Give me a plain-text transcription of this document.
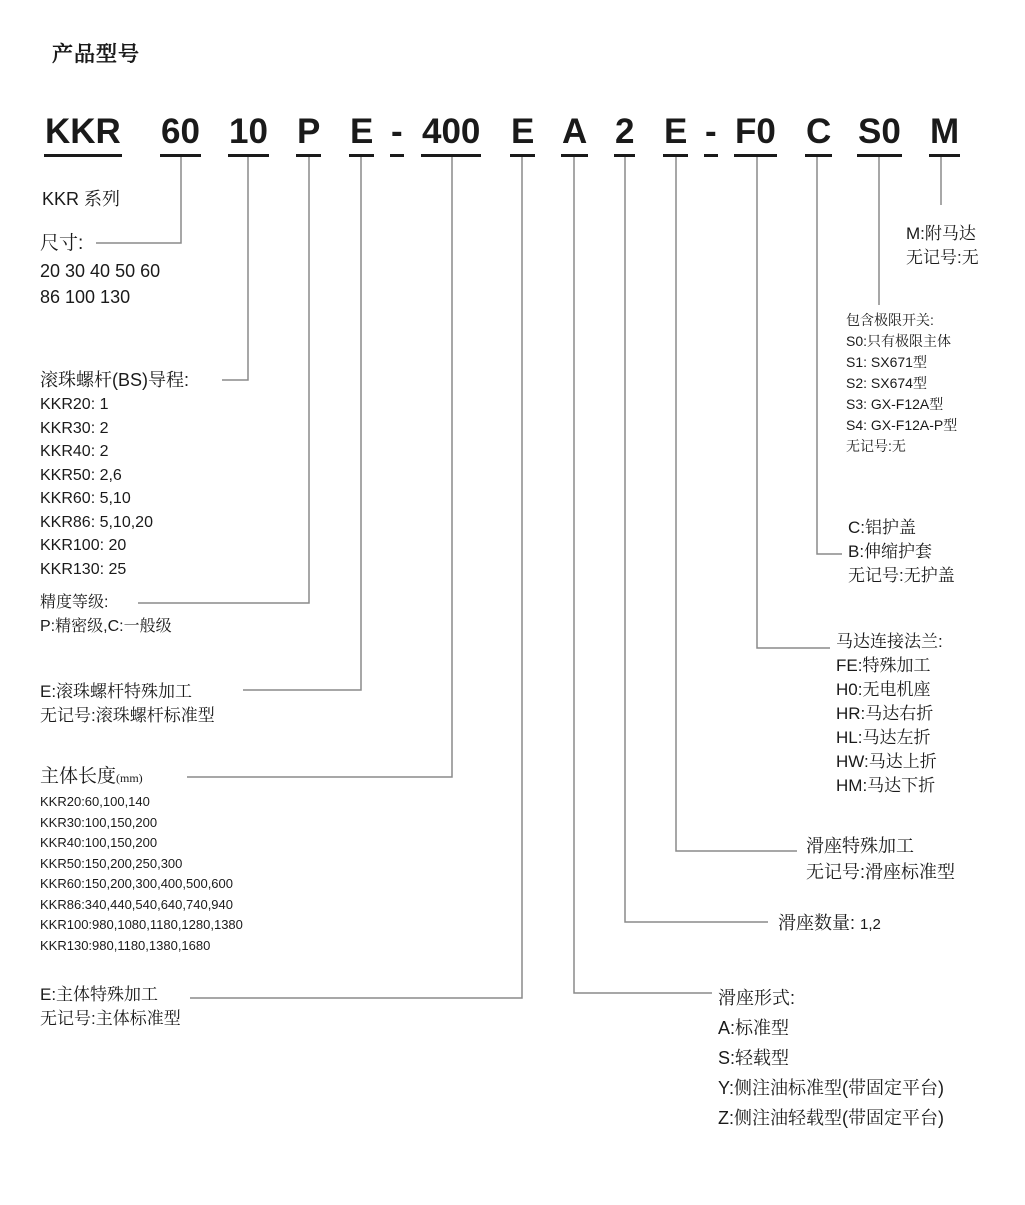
产品型号
KKR 60 10 P E - 400 E A 2 E - F0 C S0 M
KKR 系列
尺寸:
20 30 40 50 60
86 100 130
滚珠螺杆(BS)导程:
KKR20: 1
KKR30: 2
KKR40: 2
KKR50: 2,6
KKR60: 5,10
KKR86: 5,10,20
KKR100: 20
KKR130: 25
精度等级:
P:精密级,C:一般级
E:滚珠螺杆特殊加工
无记号:滚珠螺杆标准型
主体长度(mm)
KKR20:60,100,140
KKR30:100,150,200
KKR40:100,150,200
KKR50:150,200,250,300
KKR60:150,200,300,400,500,600
KKR86:340,440,540,640,740,940
KKR100:980,1080,1180,1280,1380
KKR130:980,1180,1380,1680
E:主体特殊加工
无记号:主体标准型
M:附马达
无记号:无
包含极限开关:
S0:只有极限主体
S1: SX671型
S2: SX674型
S3: GX-F12A型
S4: GX-F12A-P型
无记号:无
C:铝护盖
B:伸缩护套
无记号:无护盖
马达连接法兰:
FE:特殊加工
H0:无电机座
HR:马达右折
HL:马达左折
HW:马达上折
HM:马达下折
滑座特殊加工
无记号:滑座标准型
滑座数量: 1,2
滑座形式:
A:标准型
S:轻载型
Y:侧注油标准型(带固定平台)
Z:侧注油轻载型(带固定平台)
